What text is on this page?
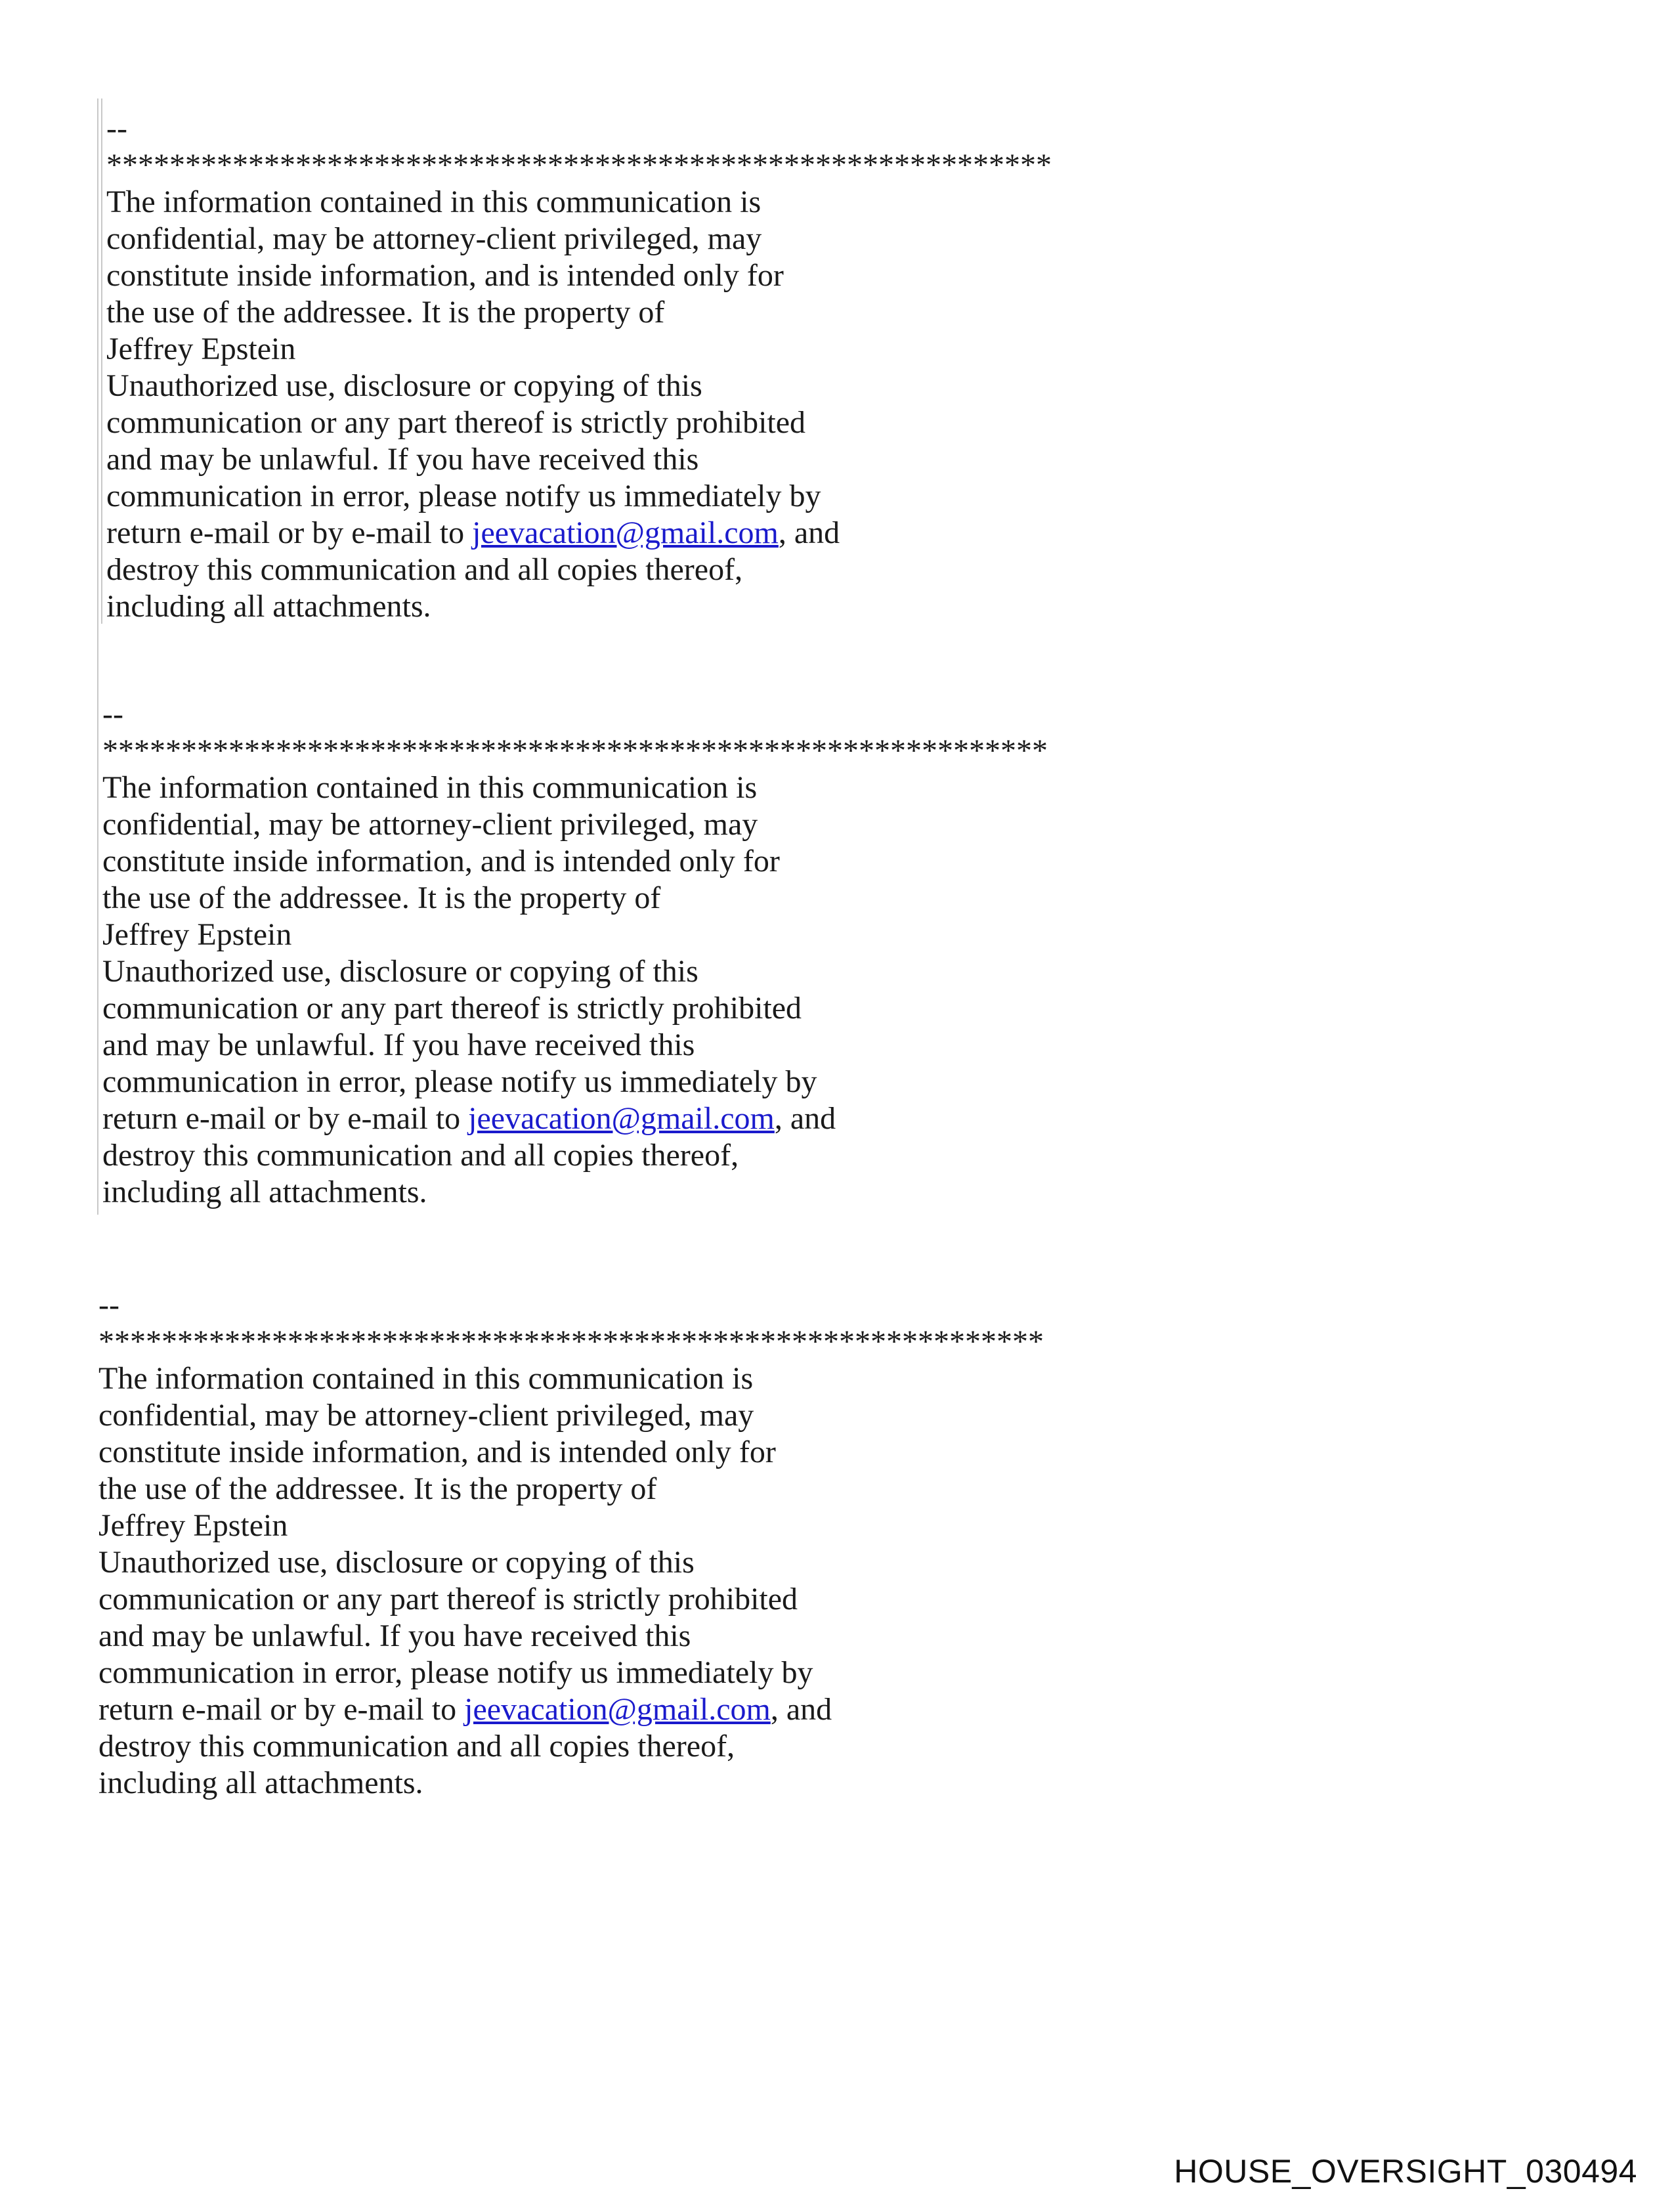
--
************************************************************
The information contained in this communication is
confidential, may be attorney-client privileged, may
constitute inside information, and is intended only for
the use of the addressee. It is the property of
Jeffrey Epstein
Unauthorized use, disclosure or copying of this
communication or any part thereof is strictly prohibited
and may be unlawful. If you have received this
communication in error, please notify us immediately by
return e-mail or by e-mail to jeevacation@gmail.com, and
destroy this communication and all copies thereof,
including all attachments.
--
************************************************************
The information contained in this communication is
confidential, may be attorney-client privileged, may
constitute inside information, and is intended only for
the use of the addressee. It is the property of
Jeffrey Epstein
Unauthorized use, disclosure or copying of this
communication or any part thereof is strictly prohibited
and may be unlawful. If you have received this
communication in error, please notify us immediately by
return e-mail or by e-mail to jeevacation@gmail.com, and
destroy this communication and all copies thereof,
including all attachments.
--
************************************************************
The information contained in this communication is
confidential, may be attorney-client privileged, may
constitute inside information, and is intended only for
the use of the addressee. It is the property of
Jeffrey Epstein
Unauthorized use, disclosure or copying of this
communication or any part thereof is strictly prohibited
and may be unlawful. If you have received this
communication in error, please notify us immediately by
return e-mail or by e-mail to jeevacation@gmail.com, and
destroy this communication and all copies thereof,
including all attachments.
HOUSE_OVERSIGHT_030494
